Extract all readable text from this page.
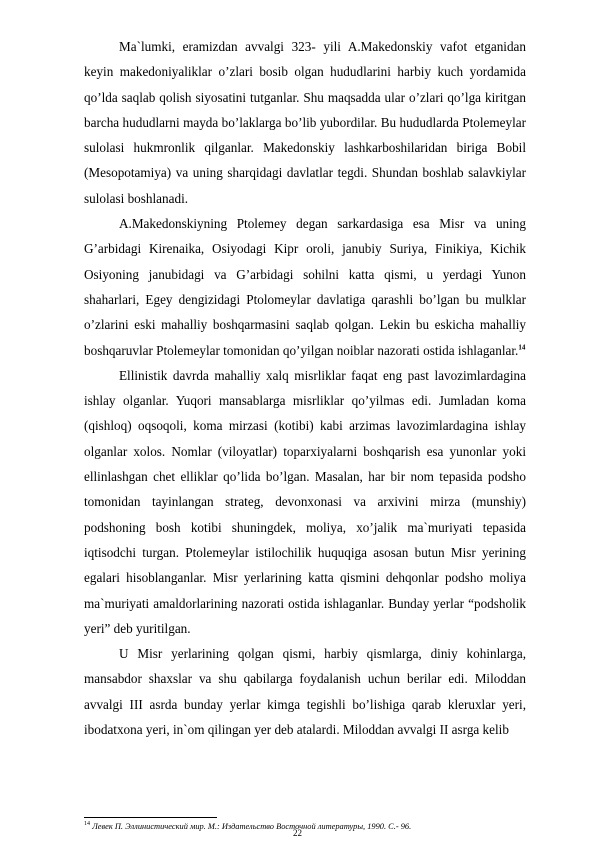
Ma`lumki, eramizdan avvalgi 323- yili A.Makedonskiy vafot etganidan keyin makedoniyaliklar o’zlari bosib olgan hududlarini harbiy kuch yordamida qo’lda saqlab qolish siyosatini tutganlar. Shu maqsadda ular o’zlari qo’lga kiritgan barcha hududlarni mayda bo’laklarga bo’lib yubordilar. Bu hududlarda Ptolemeylar sulolasi hukmronlik qilganlar. Makedonskiy lashkarboshilaridan biriga Bobil (Mesopotamiya) va uning sharqidagi davlatlar tegdi. Shundan boshlab salavkiylar sulolasi boshlanadi.

A.Makedonskiyning Ptolemey degan sarkardasiga esa Misr va uning G’arbidagi Kirenaika, Osiyodagi Kipr oroli, janubiy Suriya, Finikiya, Kichik Osiyoning janubidagi va G’arbidagi sohilni katta qismi, u yerdagi Yunon shaharlari, Egey dengizidagi Ptolomeylar davlatiga qarashli bo’lgan bu mulklar o’zlarini eski mahalliy boshqarmasini saqlab qolgan. Lekin bu eskicha mahalliy boshqaruvlar Ptolemeylar tomonidan qo’yilgan noiblar nazorati ostida ishlaganlar.$^{14}$

Ellinistik davrda mahalliy xalq misrliklar faqat eng past lavozimlardagina ishlay olganlar. Yuqori mansablarga misrliklar qo’yilmas edi. Jumladan koma (qishloq) oqsoqoli, koma mirzasi (kotibi) kabi arzimas lavozimlardagina ishlay olganlar xolos. Nomlar (viloyatlar) toparxiyalarni boshqarish esa yunonlar yoki ellinlashgan chet elliklar qo’lida bo’lgan. Masalan, har bir nom tepasida podsho tomonidan tayinlangan strateg, devonxonasi va arxivini mirza (munshiy) podshoning bosh kotibi shuningdek, moliya, xo’jalik ma`muriyati tepasida iqtisodchi turgan. Ptolemeylar istilochilik huquqiga asosan butun Misr yerining egalari hisoblanganlar. Misr yerlarining katta qismini dehqonlar podsho moliya ma`muriyati amaldorlarining nazorati ostida ishlaganlar. Bunday yerlar “podsholik yeri” deb yuritilgan.

U Misr yerlarining qolgan qismi, harbiy qismlarga, diniy kohinlarga, mansabdor shaxslar va shu qabilarga foydalanish uchun berilar edi. Miloddan avvalgi III asrda bunday yerlar kimga tegishli bo’lishiga qarab kleruxlar yeri, ibodatxona yeri, in`om qilingan yer deb atalardi. Miloddan avvalgi II asrga kelib

$^{14}$ Левек П. Эллинистический мир. М.: Издательство Восточной литературы, 1990. С.- 96.

22
